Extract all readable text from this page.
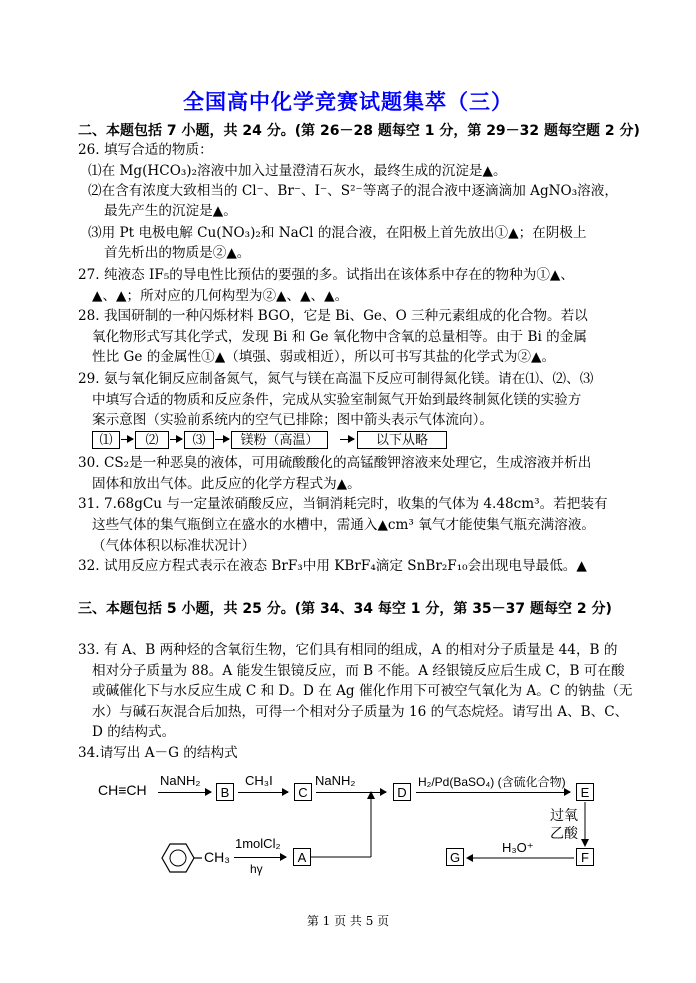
全国高中化学竞赛试题集萃（三）
二、本题包括 7 小题，共 24 分。(第 26－28 题每空 1 分，第 29－32 题每空题 2 分)
26. 填写合适的物质：
⑴在 Mg(HCO₃)₂溶液中加入过量澄清石灰水，最终生成的沉淀是▲。
⑵在含有浓度大致相当的 Cl⁻、Br⁻、I⁻、S²⁻等离子的混合液中逐滴滴加 AgNO₃溶液，
最先产生的沉淀是▲。
⑶用 Pt 电极电解 Cu(NO₃)₂和 NaCl 的混合液，在阳极上首先放出①▲；在阴极上
首先析出的物质是②▲。
27. 纯液态 IF₅的导电性比预估的要强的多。试指出在该体系中存在的物种为①▲、
▲、▲；所对应的几何构型为②▲、▲、▲。
28. 我国研制的一种闪烁材料 BGO，它是 Bi、Ge、O 三种元素组成的化合物。若以
氧化物形式写其化学式，发现 Bi 和 Ge 氧化物中含氧的总量相等。由于 Bi 的金属
性比 Ge 的金属性①▲（填强、弱或相近），所以可书写其盐的化学式为②▲。
29. 氨与氧化铜反应制备氮气，氮气与镁在高温下反应可制得氮化镁。请在⑴、⑵、⑶
中填写合适的物质和反应条件，完成从实验室制氮气开始到最终制氮化镁的实验方
案示意图（实验前系统内的空气已排除；图中箭头表示气体流向）。
⑴	⑵	⑶	镁粉（高温）	以下从略
30. CS₂是一种恶臭的液体，可用硫酸酸化的高锰酸钾溶液来处理它，生成溶液并析出
固体和放出气体。此反应的化学方程式为▲。
31. 7.68gCu 与一定量浓硝酸反应，当铜消耗完时，收集的气体为 4.48cm³。若把装有
这些气体的集气瓶倒立在盛水的水槽中，需通入▲cm³ 氧气才能使集气瓶充满溶液。
（气体体积以标准状况计）
32. 试用反应方程式表示在液态 BrF₃中用 KBrF₄滴定 SnBr₂F₁₀会出现电导最低。▲
三、本题包括 5 小题，共 25 分。(第 34、34 每空 1 分，第 35－37 题每空 2 分)
33. 有 A、B 两种烃的含氧衍生物，它们具有相同的组成，A 的相对分子质量是 44，B 的
相对分子质量为 88。A 能发生银镜反应，而 B 不能。A 经银镜反应后生成 C，B 可在酸
或碱催化下与水反应生成 C 和 D。D 在 Ag 催化作用下可被空气氧化为 A。C 的钠盐（无
水）与碱石灰混合后加热，可得一个相对分子质量为 16 的气态烷烃。请写出 A、B、C、
D 的结构式。
34.请写出 A－G 的结构式
CH≡CH
NaNH₂
B
CH₃I
C
NaNH₂
D
H₂/Pd(BaSO₄) (含硫化合物)
E
过氧
乙酸
F
H₃O⁺
G
CH₃
1molCl₂
hγ
A
第 1 页 共 5 页
